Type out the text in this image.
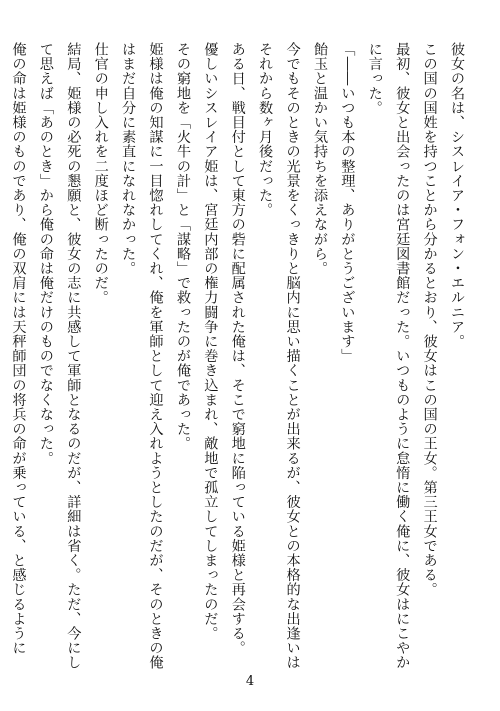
彼女の名は、シスレイア・フォン・エルニア。
この国の国姓を持つことから分かるとおり、彼女はこの国の王女。第三王女である。
最初、彼女と出会ったのは宮廷図書館だった。いつものように怠惰に働く俺に、彼女はにこやか
に言った。
「――いつも本の整理、ありがとうございます」
飴玉と温かい気持ちを添えながら。
今でもそのときの光景をくっきりと脳内に思い描くことが出来るが、彼女との本格的な出逢いは
それから数ヶ月後だった。
ある日、戦目付として東方の砦に配属された俺は、そこで窮地に陥っている姫様と再会する。
優しいシスレイア姫は、宮廷内部の権力闘争に巻き込まれ、敵地で孤立してしまったのだ。
その窮地を「火牛の計」と「謀略」で救ったのが俺であった。
姫様は俺の知謀に一目惚れしてくれ、俺を軍師として迎え入れようとしたのだが、そのときの俺
はまだ自分に素直になれなかった。
仕官の申し入れを二度ほど断ったのだ。
結局、姫様の必死の懇願と、彼女の志に共感して軍師となるのだが、詳細は省く。ただ、今にし
て思えば「あのとき」から俺の命は俺だけのものでなくなった。
俺の命は姫様のものであり、俺の双肩には天秤師団の将兵の命が乗っている、と感じるように
4
